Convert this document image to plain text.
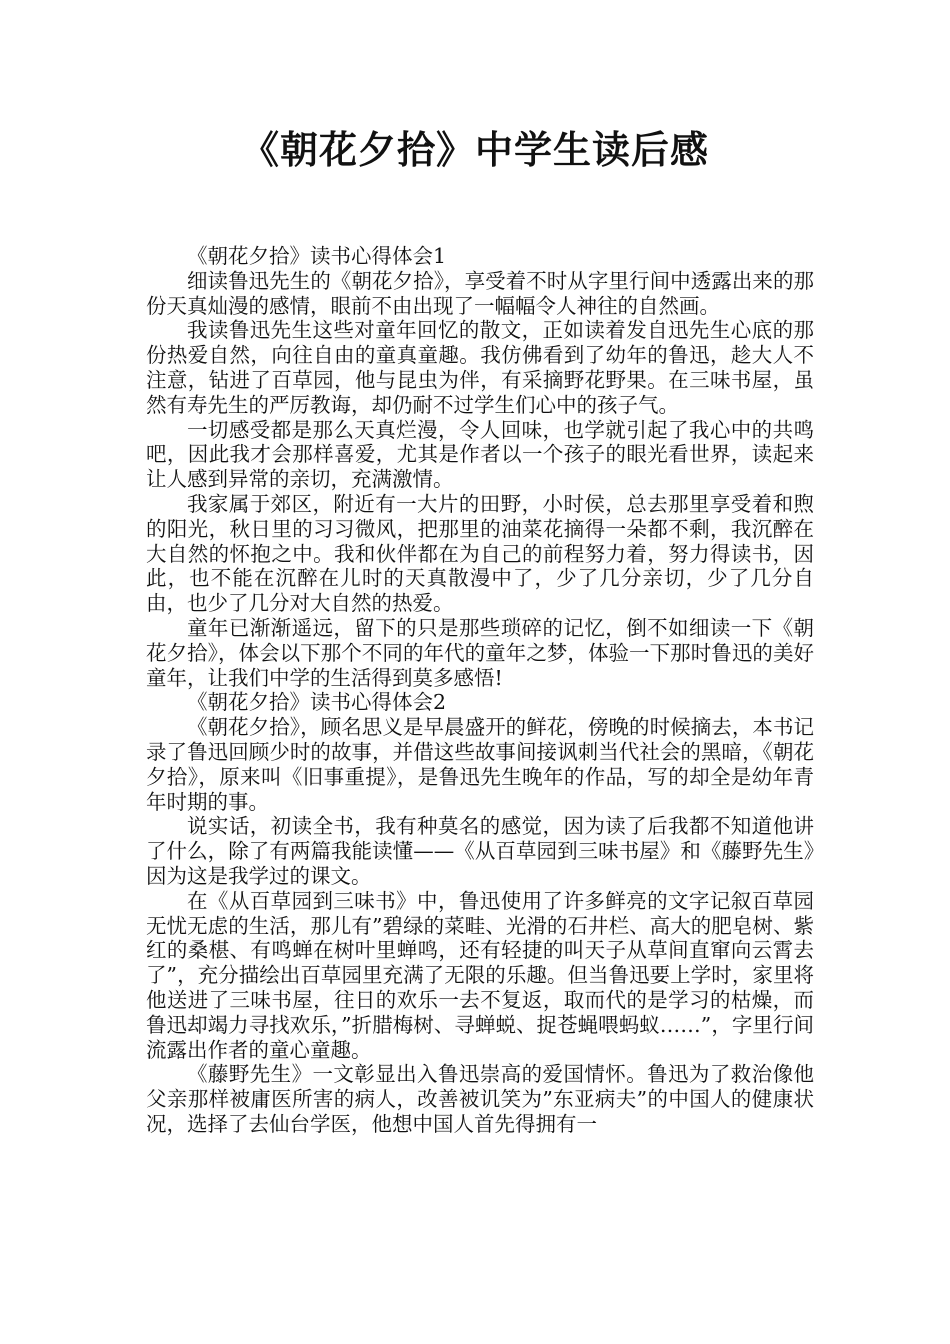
《朝花夕拾》中学生读后感

《朝花夕拾》读书心得体会1

细读鲁迅先生的《朝花夕拾》，享受着不时从字里行间中透露出来的那份天真灿漫的感情，眼前不由出现了一幅幅令人神往的自然画。

我读鲁迅先生这些对童年回忆的散文，正如读着发自迅先生心底的那份热爱自然，向往自由的童真童趣。我仿佛看到了幼年的鲁迅，趁大人不注意，钻进了百草园，他与昆虫为伴，有采摘野花野果。在三味书屋，虽然有寿先生的严厉教诲，却仍耐不过学生们心中的孩子气。

一切感受都是那么天真烂漫，令人回味，也学就引起了我心中的共鸣吧，因此我才会那样喜爱，尤其是作者以一个孩子的眼光看世界，读起来让人感到异常的亲切，充满激情。

我家属于郊区，附近有一大片的田野，小时侯，总去那里享受着和煦的阳光，秋日里的习习微风，把那里的油菜花摘得一朵都不剩，我沉醉在大自然的怀抱之中。我和伙伴都在为自己的前程努力着，努力得读书，因此，也不能在沉醉在儿时的天真散漫中了，少了几分亲切，少了几分自由，也少了几分对大自然的热爱。

童年已渐渐遥远，留下的只是那些琐碎的记忆，倒不如细读一下《朝花夕拾》，体会以下那个不同的年代的童年之梦，体验一下那时鲁迅的美好童年，让我们中学的生活得到莫多感悟!

《朝花夕拾》读书心得体会2

《朝花夕拾》，顾名思义是早晨盛开的鲜花，傍晚的时候摘去，本书记录了鲁迅回顾少时的故事，并借这些故事间接讽刺当代社会的黑暗，《朝花夕拾》，原来叫《旧事重提》，是鲁迅先生晚年的作品，写的却全是幼年青年时期的事。

说实话，初读全书，我有种莫名的感觉，因为读了后我都不知道他讲了什么，除了有两篇我能读懂——《从百草园到三味书屋》和《藤野先生》因为这是我学过的课文。

在《从百草园到三味书》中，鲁迅使用了许多鲜亮的文字记叙百草园无忧无虑的生活，那儿有”碧绿的菜畦、光滑的石井栏、高大的肥皂树、紫红的桑椹、有鸣蝉在树叶里蝉鸣，还有轻捷的叫天子从草间直窜向云霄去了”，充分描绘出百草园里充满了无限的乐趣。但当鲁迅要上学时，家里将他送进了三味书屋，往日的欢乐一去不复返，取而代的是学习的枯燥，而鲁迅却竭力寻找欢乐，”折腊梅树、寻蝉蜕、捉苍蝇喂蚂蚁……”，字里行间流露出作者的童心童趣。

《藤野先生》一文彰显出入鲁迅崇高的爱国情怀。鲁迅为了救治像他父亲那样被庸医所害的病人，改善被讥笑为”东亚病夫”的中国人的健康状况，选择了去仙台学医，他想中国人首先得拥有一
